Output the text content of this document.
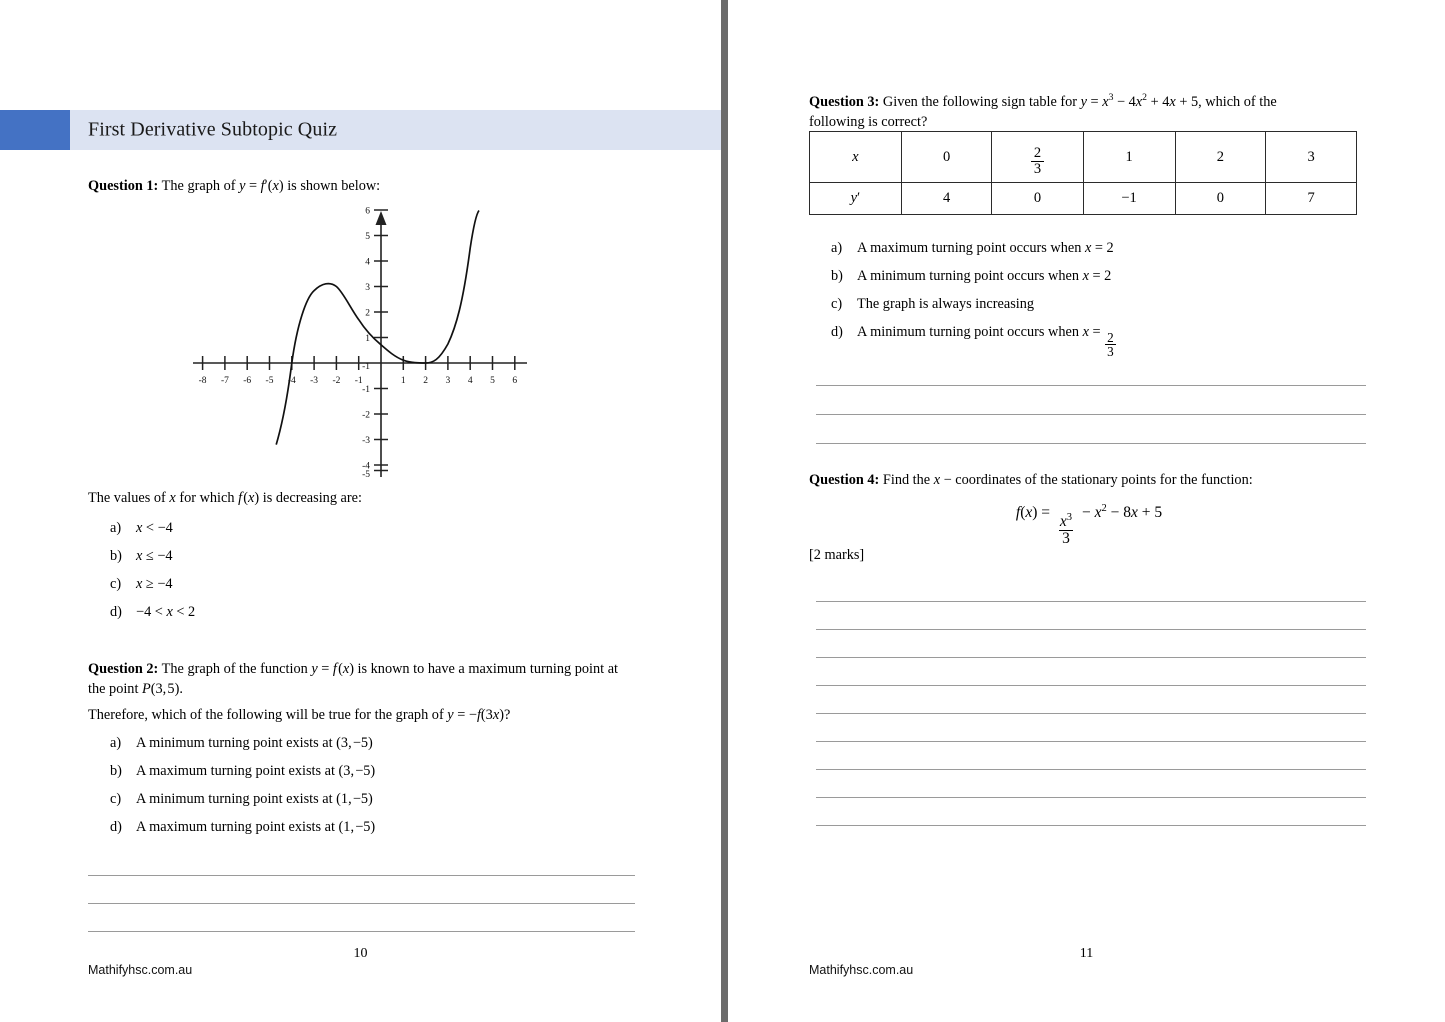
First Derivative Subtopic Quiz
Question 1: The graph of y = f′(x) is shown below:
-8 -7 -6 -5 -4 -3 -2 -1	1 2 3 4 5 6
6
5
4
3
2
1
-1
-1
-2
-3
-4
-5
The values of x for which f (x) is decreasing are:
a)	x < −4
b) x ≤ −4
c)	x ≥ −4
d) −4 < x < 2
Question 2: The graph of the function y = f (x) is known to have a maximum turning point at the point P(3, 5).
Therefore, which of the following will be true for the graph of y = −f(3x)?
a)	A minimum turning point exists at (3, −5)
b) A maximum turning point exists at (3, −5)
c)	A minimum turning point exists at (1, −5)
d) A maximum turning point exists at (1, −5)
10
Mathifyhsc.com.au
Question 3: Given the following sign table for $y = x^3 - 4x^2 + 4x + 5$, which of the following is correct?
x	0	$\frac{2}{3}$	1	2	3
y′	4	0	−1	0	7
a)	A maximum turning point occurs when x = 2
b) A minimum turning point occurs when x = 2
c)	The graph is always increasing
d) A minimum turning point occurs when $x = \frac{2}{3}$
Question 4: Find the x − coordinates of the stationary points for the function:
$f(x) = \frac{x^3}{3} - x^2 - 8x + 5$
[2 marks]
11
Mathifyhsc.com.au
